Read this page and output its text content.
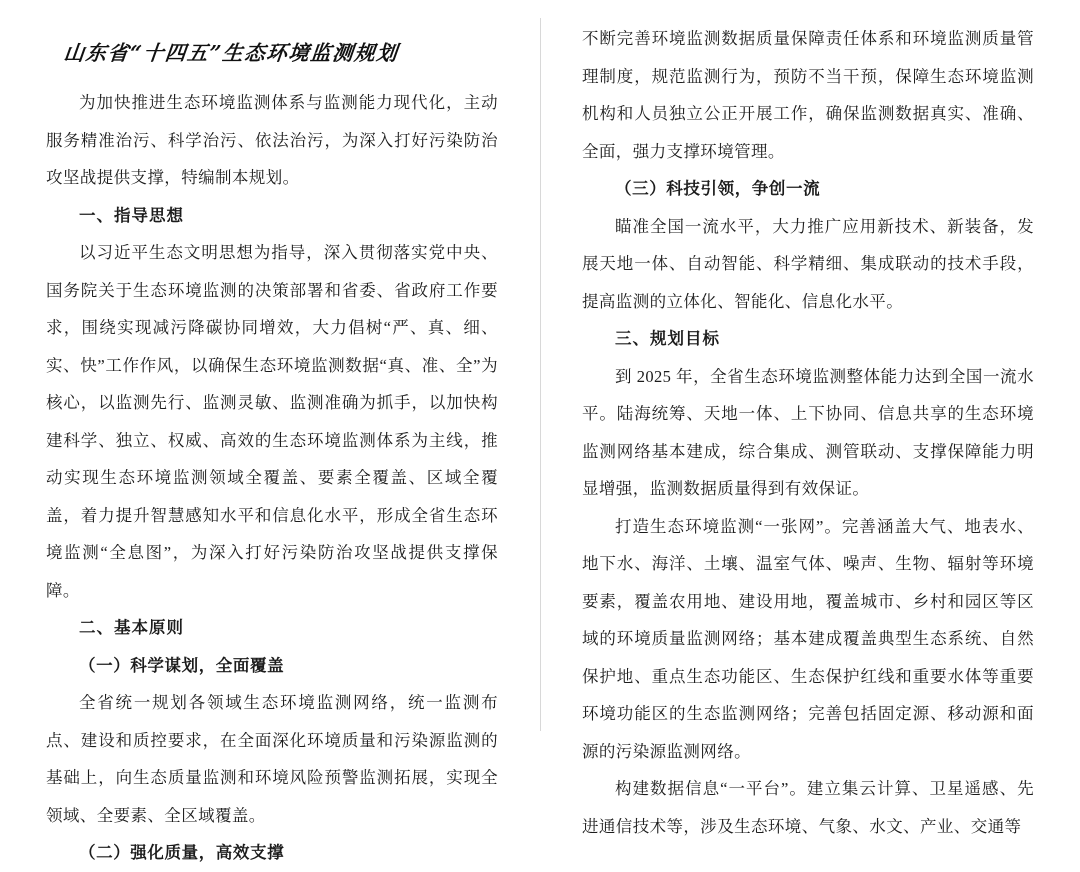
山东省“十四五”生态环境监测规划

为加快推进生态环境监测体系与监测能力现代化，主动服务精准治污、科学治污、依法治污，为深入打好污染防治攻坚战提供支撑，特编制本规划。

一、指导思想

以习近平生态文明思想为指导，深入贯彻落实党中央、国务院关于生态环境监测的决策部署和省委、省政府工作要求，围绕实现减污降碳协同增效，大力倡树“严、真、细、实、快”工作作风，以确保生态环境监测数据“真、准、全”为核心，以监测先行、监测灵敏、监测准确为抓手，以加快构建科学、独立、权威、高效的生态环境监测体系为主线，推动实现生态环境监测领域全覆盖、要素全覆盖、区域全覆盖，着力提升智慧感知水平和信息化水平，形成全省生态环境监测“全息图”，为深入打好污染防治攻坚战提供支撑保障。

二、基本原则

（一）科学谋划，全面覆盖

全省统一规划各领域生态环境监测网络，统一监测布点、建设和质控要求，在全面深化环境质量和污染源监测的基础上，向生态质量监测和环境风险预警监测拓展，实现全领域、全要素、全区域覆盖。

（二）强化质量，高效支撑

不断完善环境监测数据质量保障责任体系和环境监测质量管理制度，规范监测行为，预防不当干预，保障生态环境监测机构和人员独立公正开展工作，确保监测数据真实、准确、全面，强力支撑环境管理。

（三）科技引领，争创一流

瞄准全国一流水平，大力推广应用新技术、新装备，发展天地一体、自动智能、科学精细、集成联动的技术手段，提高监测的立体化、智能化、信息化水平。

三、规划目标

到 2025 年，全省生态环境监测整体能力达到全国一流水平。陆海统筹、天地一体、上下协同、信息共享的生态环境监测网络基本建成，综合集成、测管联动、支撑保障能力明显增强，监测数据质量得到有效保证。

打造生态环境监测“一张网”。完善涵盖大气、地表水、地下水、海洋、土壤、温室气体、噪声、生物、辐射等环境要素，覆盖农用地、建设用地，覆盖城市、乡村和园区等区域的环境质量监测网络；基本建成覆盖典型生态系统、自然保护地、重点生态功能区、生态保护红线和重要水体等重要环境功能区的生态监测网络；完善包括固定源、移动源和面源的污染源监测网络。

构建数据信息“一平台”。建立集云计算、卫星遥感、先进通信技术等，涉及生态环境、气象、水文、产业、交通等
